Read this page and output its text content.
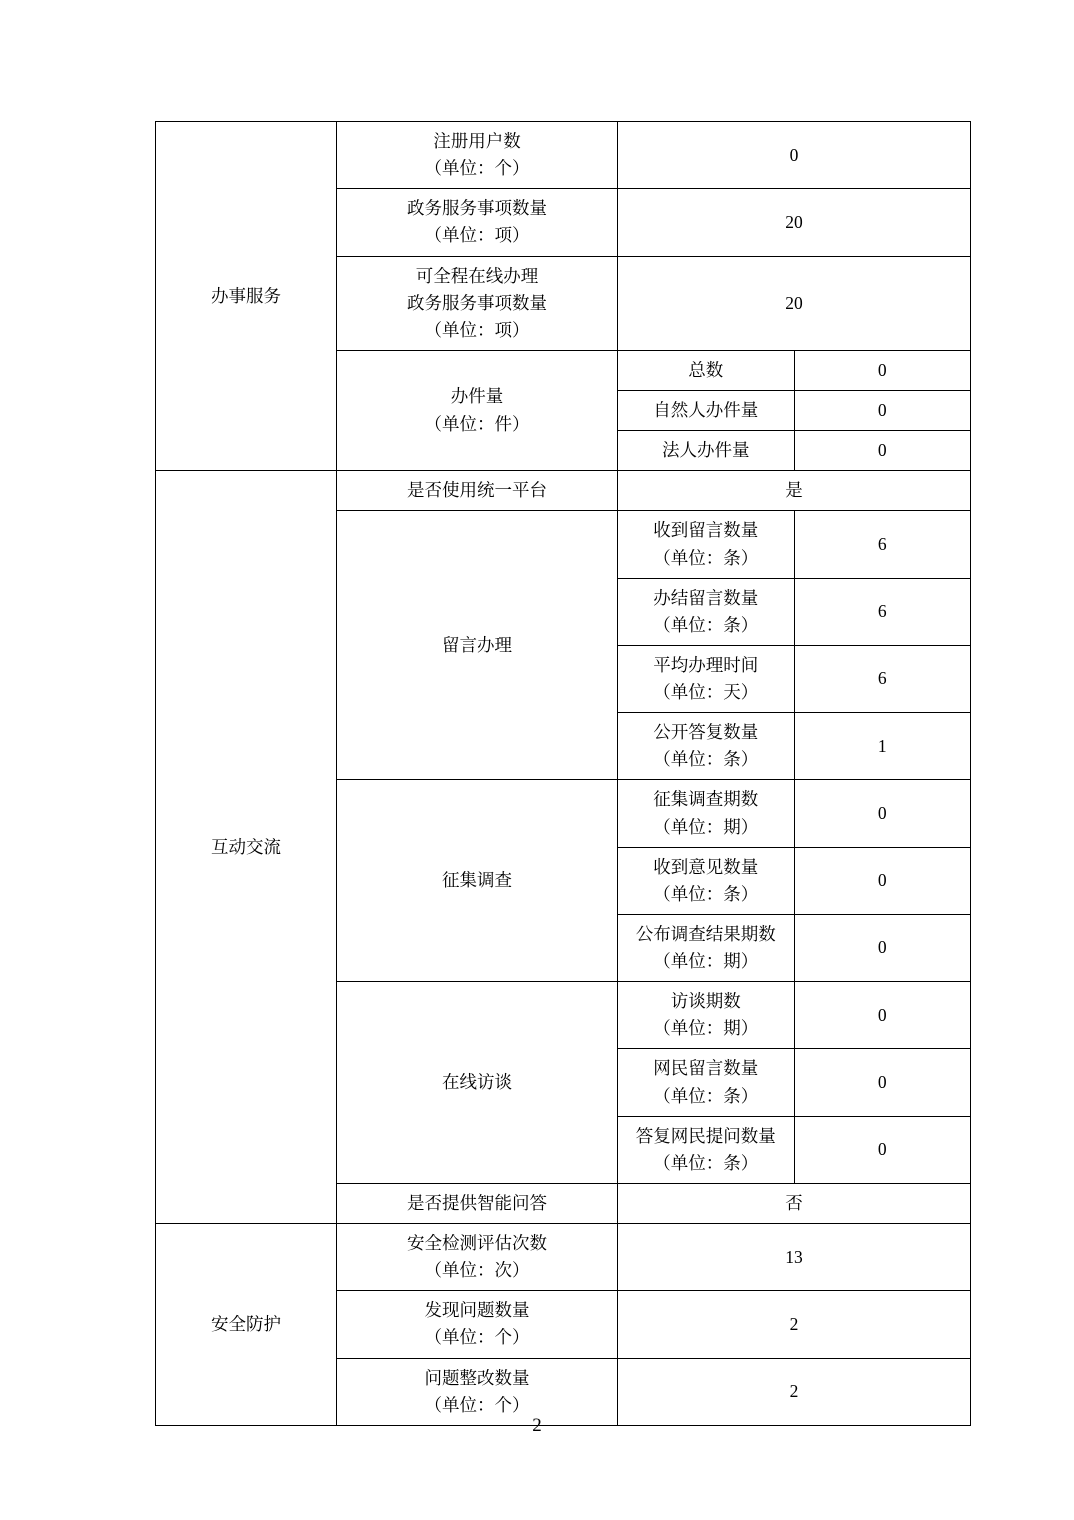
办事服务	注册用户数
（单位：个）	0	

	政务服务事项数量
（单位：项）	20	

	可全程在线办理
政务服务事项数量
（单位：项）	20	

	办件量
（单位：件）	总数	0
		自然人办件量	0
		法人办件量	0
互动交流	是否使用统一平台	是	
	留言办理	收到留言数量
（单位：条）	6

		办结留言数量
（单位：条）	6

		平均办理时间
（单位：天）	6

		公开答复数量
（单位：条）	1
	征集调查	征集调查期数
（单位：期）	0

		收到意见数量
（单位：条）	0

		公布调查结果期数
（单位：期）	0
	在线访谈	访谈期数
（单位：期）	0

		网民留言数量
（单位：条）	0

		答复网民提问数量
（单位：条）	0
	是否提供智能问答	否	
安全防护	安全检测评估次数
（单位：次）	13	

	发现问题数量
（单位：个）	2	

	问题整改数量
（单位：个）	2	
2
